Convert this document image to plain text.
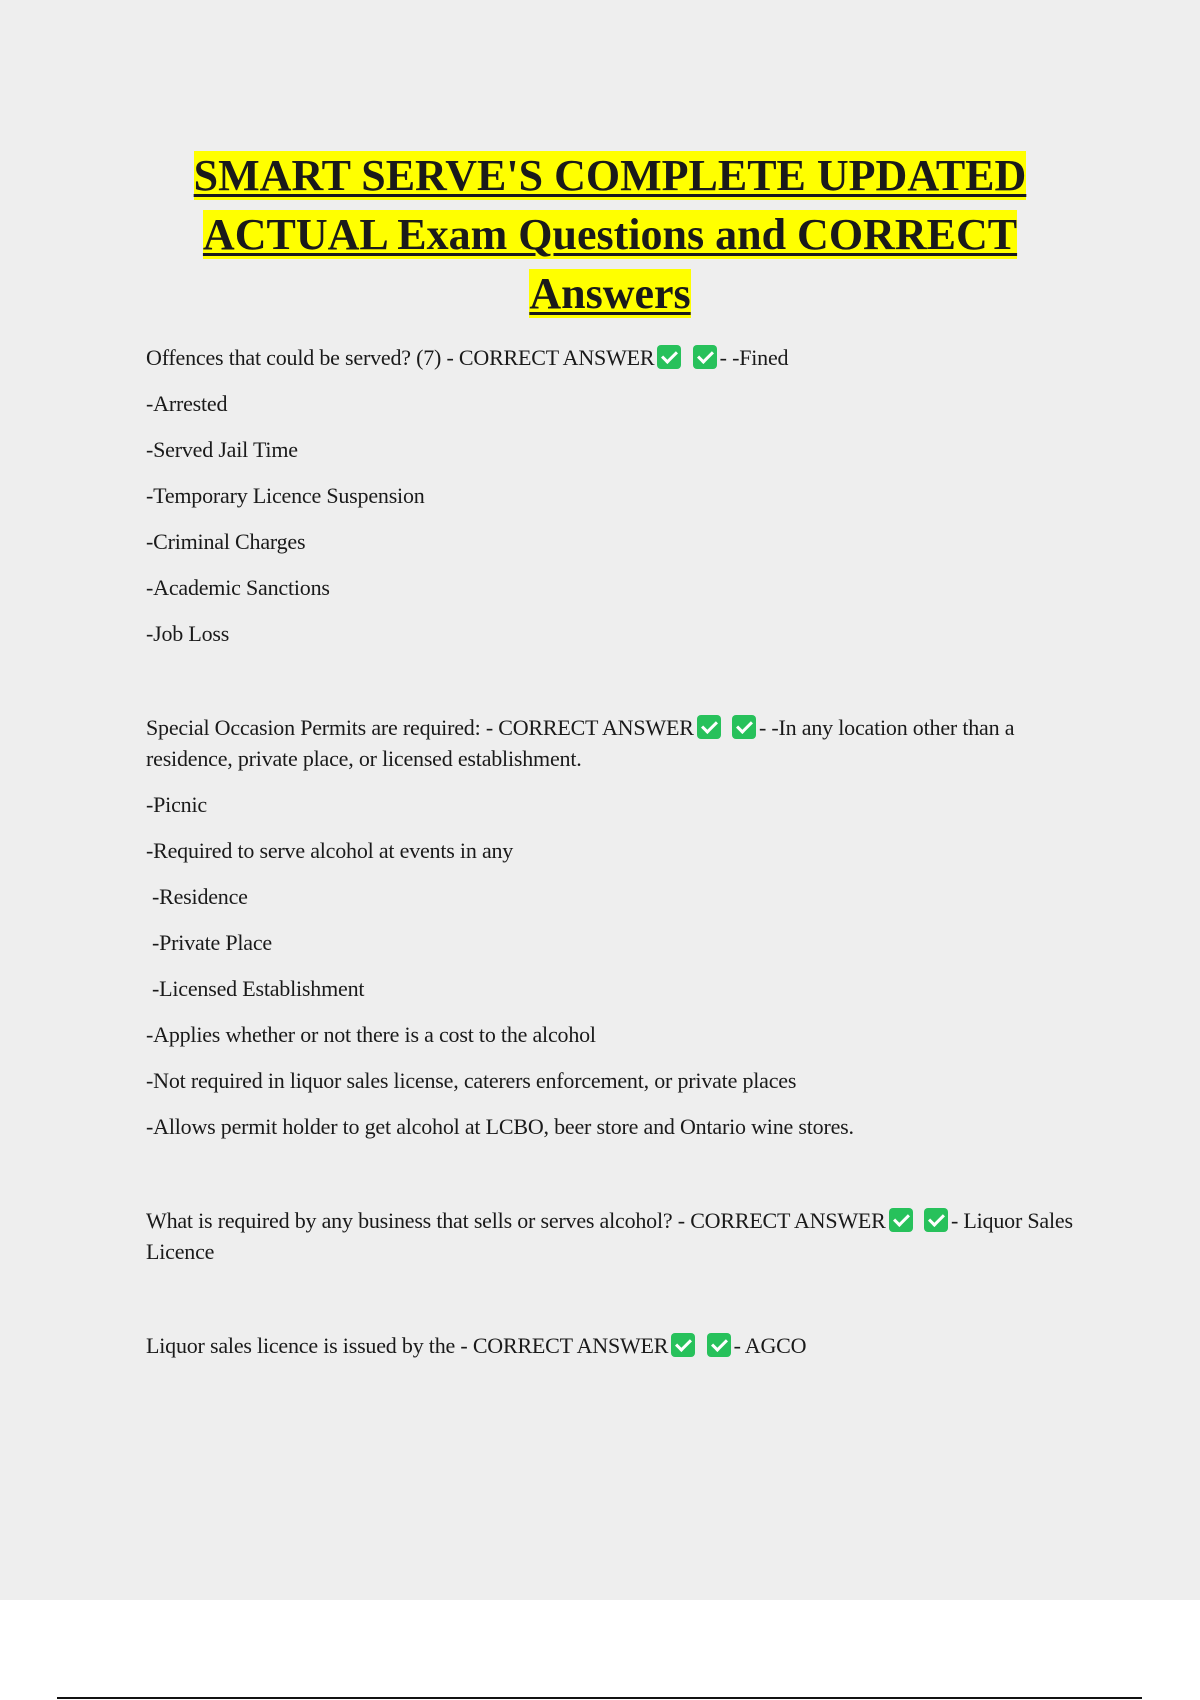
SMART SERVE'S COMPLETE UPDATED ACTUAL Exam Questions and CORRECT Answers

Offences that could be served? (7) - CORRECT ANSWER	- -Fined

-Arrested

-Served Jail Time

-Temporary Licence Suspension

-Criminal Charges

-Academic Sanctions

-Job Loss

Special Occasion Permits are required: - CORRECT ANSWER	- -In any location other than a residence, private place, or licensed establishment.

-Picnic

-Required to serve alcohol at events in any

-Residence

-Private Place

-Licensed Establishment

-Applies whether or not there is a cost to the alcohol

-Not required in liquor sales license, caterers enforcement, or private places

-Allows permit holder to get alcohol at LCBO, beer store and Ontario wine stores.

What is required by any business that sells or serves alcohol? - CORRECT ANSWER	- Liquor Sales Licence

Liquor sales licence is issued by the - CORRECT ANSWER	- AGCO
